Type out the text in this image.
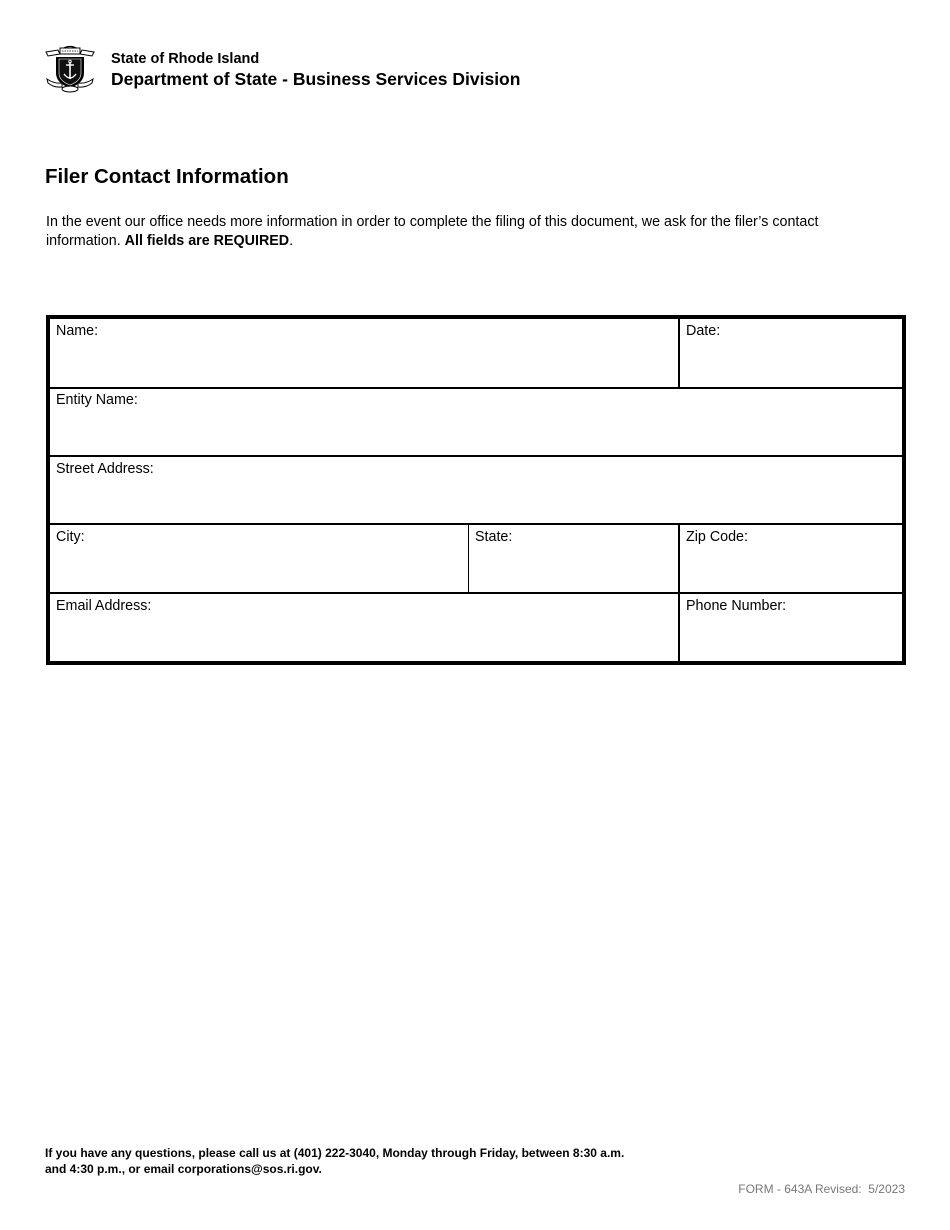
State of Rhode Island
Department of State - Business Services Division
Filer Contact Information

In the event our office needs more information in order to complete the filing of this document, we ask for the filer’s contact information. All fields are REQUIRED.

Name:	Date:
Entity Name:
Street Address:
City:	State:	Zip Code:
Email Address:	Phone Number:
If you have any questions, please call us at (401) 222-3040, Monday through Friday, between 8:30 a.m.
and 4:30 p.m., or email corporations@sos.ri.gov.
FORM - 643A Revised:  5/2023
